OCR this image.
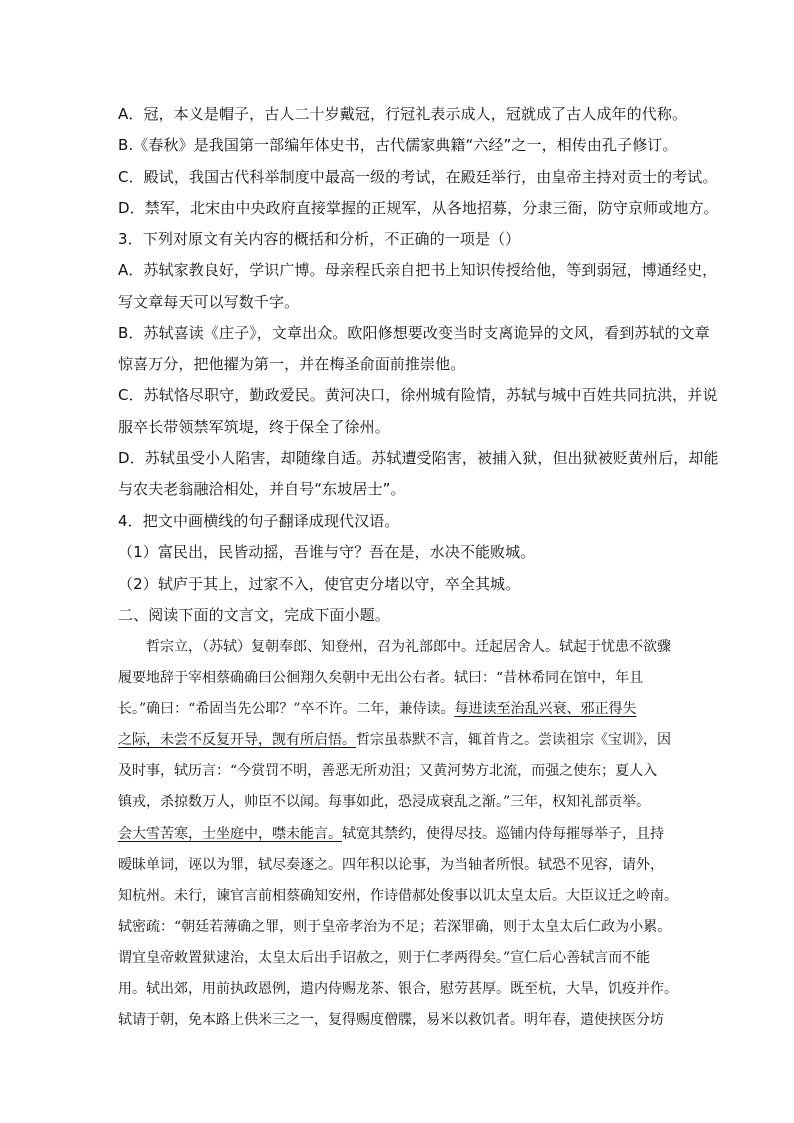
A．冠，本义是帽子，古人二十岁戴冠，行冠礼表示成人，冠就成了古人成年的代称。
B.《春秋》是我国第一部编年体史书，古代儒家典籍“六经”之一，相传由孔子修订。
C．殿试，我国古代科举制度中最高一级的考试，在殿廷举行，由皇帝主持对贡士的考试。
D．禁军，北宋由中央政府直接掌握的正规军，从各地招募，分隶三衙，防守京师或地方。
3．下列对原文有关内容的概括和分析，不正确的一项是（）
A．苏轼家教良好，学识广博。母亲程氏亲自把书上知识传授给他，等到弱冠，博通经史，
写文章每天可以写数千字。
B．苏轼喜读《庄子》，文章出众。欧阳修想要改变当时支离诡异的文风，看到苏轼的文章
惊喜万分，把他擢为第一，并在梅圣俞面前推崇他。
C．苏轼恪尽职守，勤政爱民。黄河决口，徐州城有险情，苏轼与城中百姓共同抗洪，并说
服卒长带领禁军筑堤，终于保全了徐州。
D．苏轼虽受小人陷害，却随缘自适。苏轼遭受陷害，被捕入狱，但出狱被贬黄州后，却能
与农夫老翁融洽相处，并自号“东坡居士”。
4．把文中画横线的句子翻译成现代汉语。
（1）富民出，民皆动摇，吾谁与守？吾在是，水决不能败城。
（2）轼庐于其上，过家不入，使官吏分堵以守，卒全其城。
二、阅读下面的文言文，完成下面小题。
哲宗立，（苏轼）复朝奉郎、知登州，召为礼部郎中。迁起居舍人。轼起于忧患不欲骤
履要地辞于宰相蔡确确曰公徊翔久矣朝中无出公右者。轼曰：“昔林希同在馆中，年且
长。”确曰：“希固当先公耶？”卒不许。二年，兼侍读。每进读至治乱兴衰、邪正得失
之际，未尝不反复开导，觊有所启悟。哲宗虽恭默不言，辄首肯之。尝读祖宗《宝训》，因
及时事，轼历言：“今赏罚不明，善恶无所劝沮；又黄河势方北流，而强之使东；夏人入
镇戎，杀掠数万人，帅臣不以闻。每事如此，恐浸成衰乱之渐。”三年，权知礼部贡举。
会大雪苦寒，士坐庭中，噤未能言。轼宽其禁约，使得尽技。巡铺内侍每摧辱举子，且持
暧昧单词，诬以为罪，轼尽奏逐之。四年积以论事，为当轴者所恨。轼恐不见容，请外，
知杭州。未行，谏官言前相蔡确知安州，作诗借郝处俊事以讥太皇太后。大臣议迁之岭南。
轼密疏：“朝廷若薄确之罪，则于皇帝孝治为不足；若深罪确，则于太皇太后仁政为小累。
谓宜皇帝敕置狱逮治，太皇太后出手诏赦之，则于仁孝两得矣。”宣仁后心善轼言而不能
用。轼出郊，用前执政恩例，遣内侍赐龙茶、银合，慰劳甚厚。既至杭，大旱，饥疫并作。
轼请于朝，免本路上供米三之一，复得赐度僧牒，易米以救饥者。明年春，遣使挟医分坊
